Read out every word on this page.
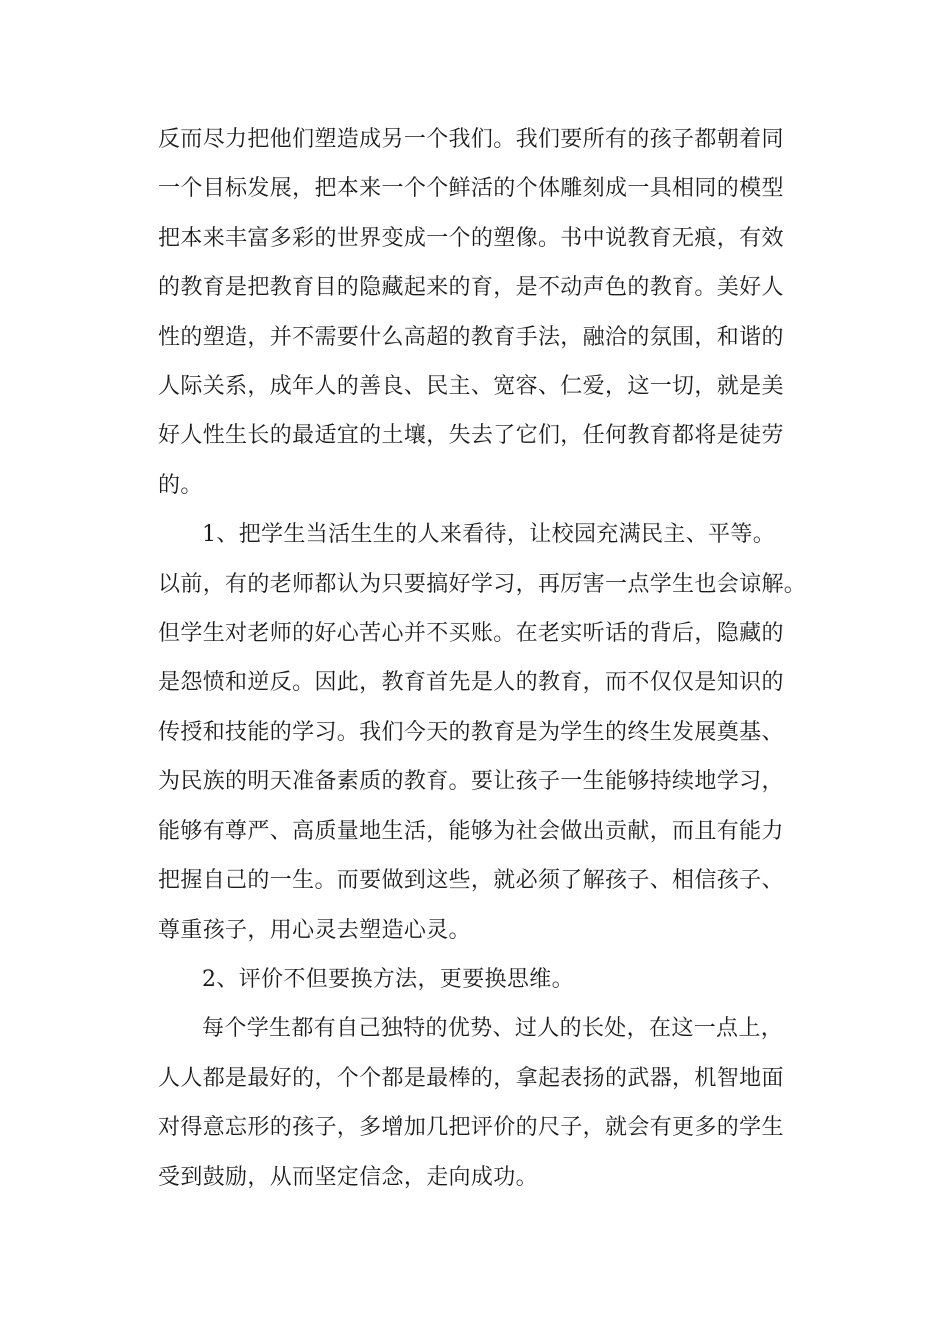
反而尽力把他们塑造成另一个我们。我们要所有的孩子都朝着同
一个目标发展，把本来一个个鲜活的个体雕刻成一具相同的模型
把本来丰富多彩的世界变成一个的塑像。书中说教育无痕，有效
的教育是把教育目的隐藏起来的育，是不动声色的教育。美好人
性的塑造，并不需要什么高超的教育手法，融洽的氛围，和谐的
人际关系，成年人的善良、民主、宽容、仁爱，这一切，就是美
好人性生长的最适宜的土壤，失去了它们，任何教育都将是徒劳
的。
1、把学生当活生生的人来看待，让校园充满民主、平等。
以前，有的老师都认为只要搞好学习，再厉害一点学生也会谅解。
但学生对老师的好心苦心并不买账。在老实听话的背后，隐藏的
是怨愤和逆反。因此，教育首先是人的教育，而不仅仅是知识的
传授和技能的学习。我们今天的教育是为学生的终生发展奠基、
为民族的明天准备素质的教育。要让孩子一生能够持续地学习，
能够有尊严、高质量地生活，能够为社会做出贡献，而且有能力
把握自己的一生。而要做到这些，就必须了解孩子、相信孩子、
尊重孩子，用心灵去塑造心灵。
2、评价不但要换方法，更要换思维。
每个学生都有自己独特的优势、过人的长处，在这一点上，
人人都是最好的，个个都是最棒的，拿起表扬的武器，机智地面
对得意忘形的孩子，多增加几把评价的尺子，就会有更多的学生
受到鼓励，从而坚定信念，走向成功。
